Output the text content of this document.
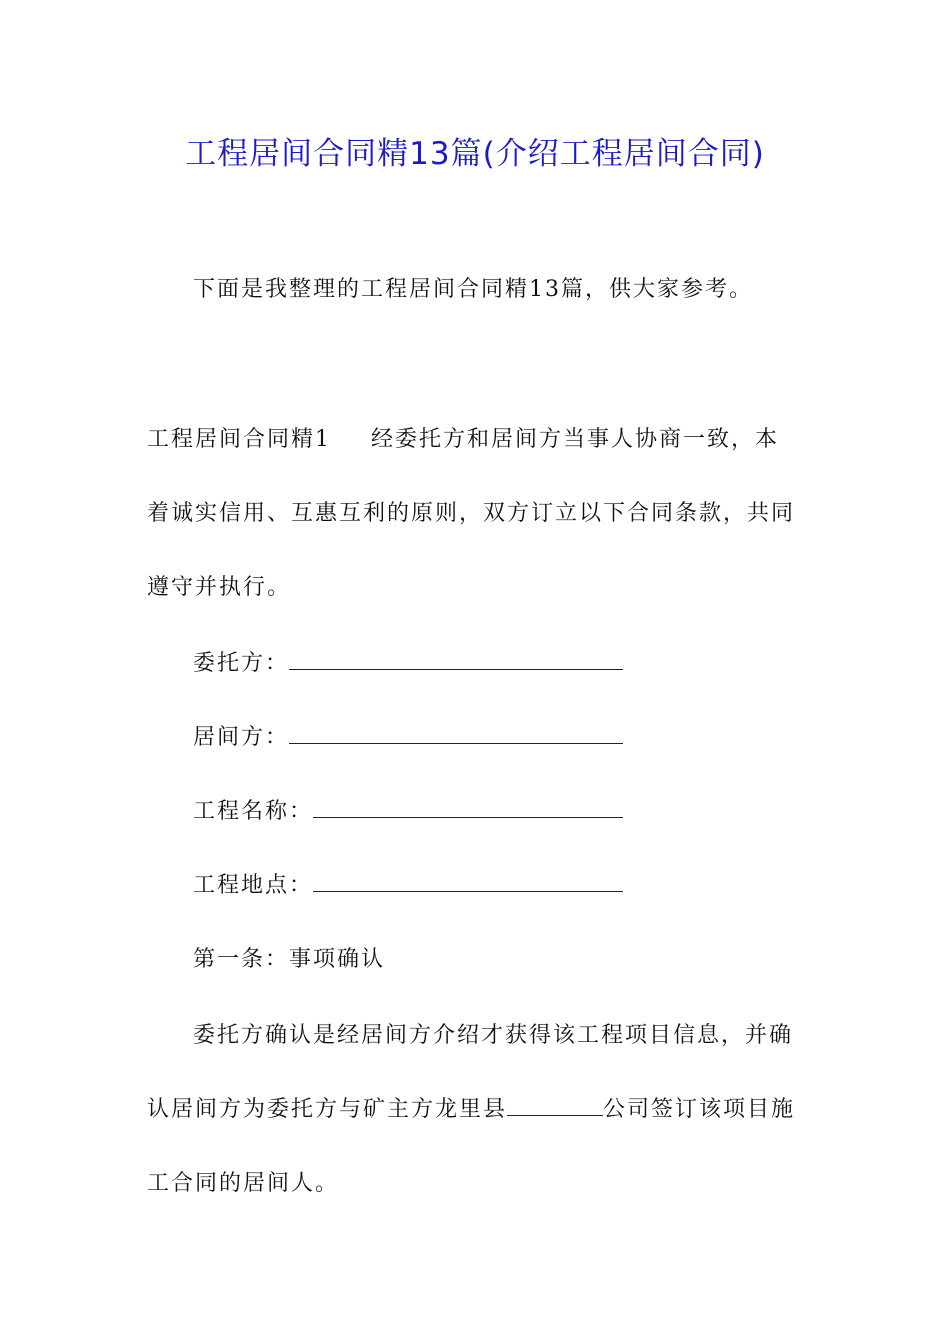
工程居间合同精13篇(介绍工程居间合同)
下面是我整理的工程居间合同精13篇，供大家参考。
工程居间合同精1 经委托方和居间方当事人协商一致，本
着诚实信用、互惠互利的原则，双方订立以下合同条款，共同
遵守并执行。
委托方：
居间方：
工程名称：
工程地点：
第一条：事项确认
委托方确认是经居间方介绍才获得该工程项目信息，并确
认居间方为委托方与矿主方龙里县	公司签订该项目施
工合同的居间人。
